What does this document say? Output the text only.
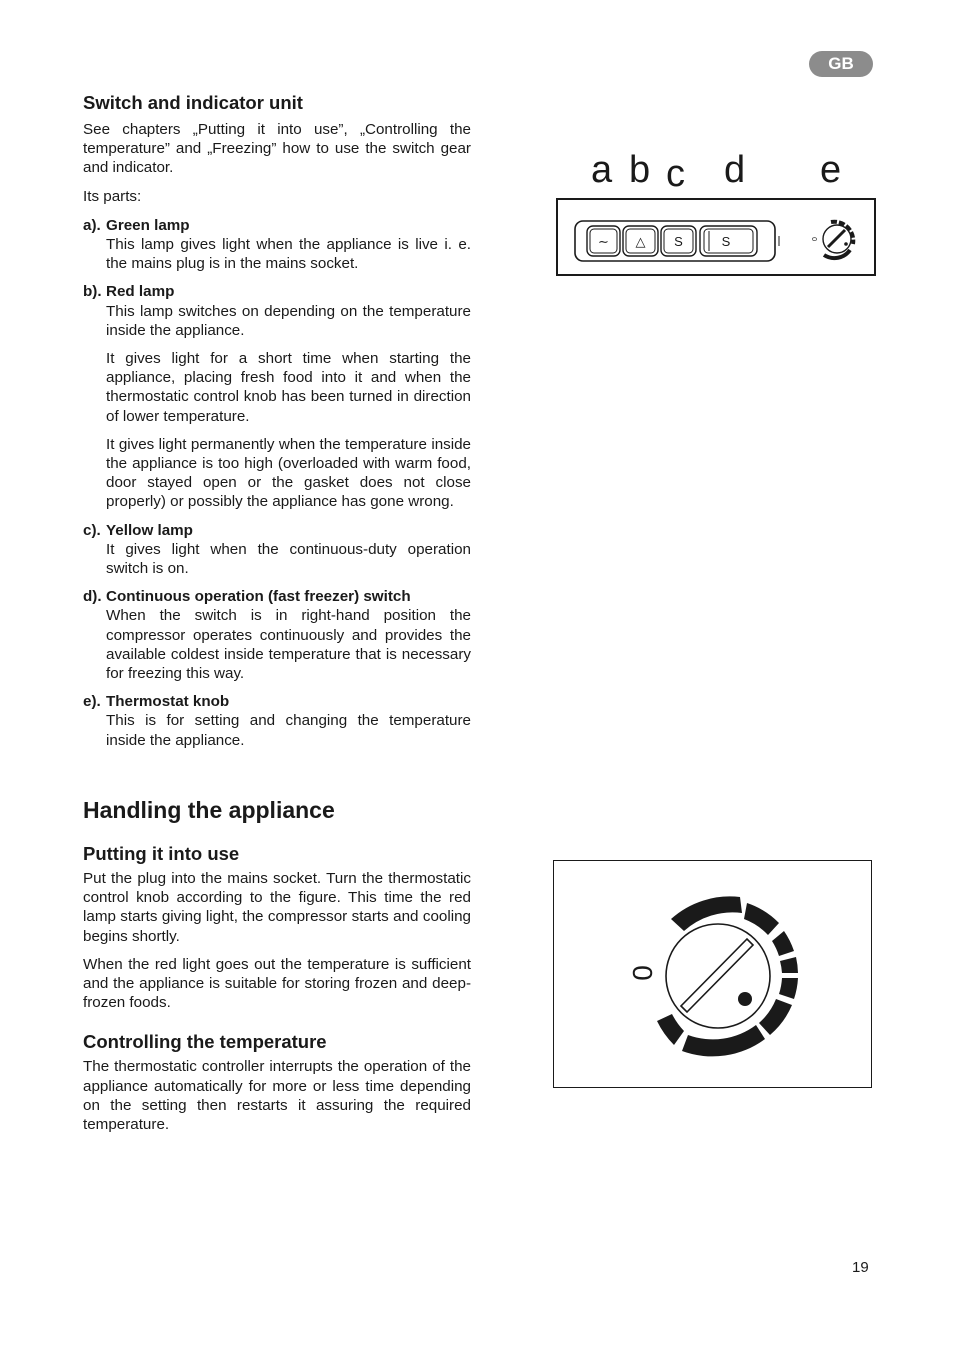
GB

Switch and indicator unit

See chapters „Putting it into use”, „Controlling the temperature” and „Freezing” how to use the switch gear and indicator.

Its parts:

a). Green lamp

This lamp gives light when the appliance is live i. e. the mains plug is in the mains socket.

b). Red lamp

This lamp switches on depending on the temperature inside the appliance.

It gives light for a short time when starting the appliance, placing fresh food into it and when the thermostatic control knob has been turned in direction of lower temperature.

It gives light permanently when the temperature inside the appliance is too high (overloaded with warm food, door stayed open or the gasket does not close properly) or possibly the appliance has gone wrong.

c). Yellow lamp

It gives light when the continuous-duty operation switch is on.

d). Continuous operation (fast freezer) switch

When the switch is in right-hand position the compressor operates continuously and provides the available coldest inside temperature that is necessary for freezing this way.

e). Thermostat knob

This is for setting and changing the temperature inside the appliance.

Handling the appliance

Putting it into use

Put the plug into the mains socket. Turn the thermostatic control knob according to the figure. This time the red lamp starts giving light, the compressor starts and cooling begins shortly.

When the red light goes out the temperature is sufficient and the appliance is suitable for storing frozen and deep-frozen foods.

Controlling the temperature

The thermostatic controller interrupts the operation of the appliance automatically for more or less time depending on the setting then restarts it assuring the required temperature.

a b c d e
∼ △ S	S	0
0
19
